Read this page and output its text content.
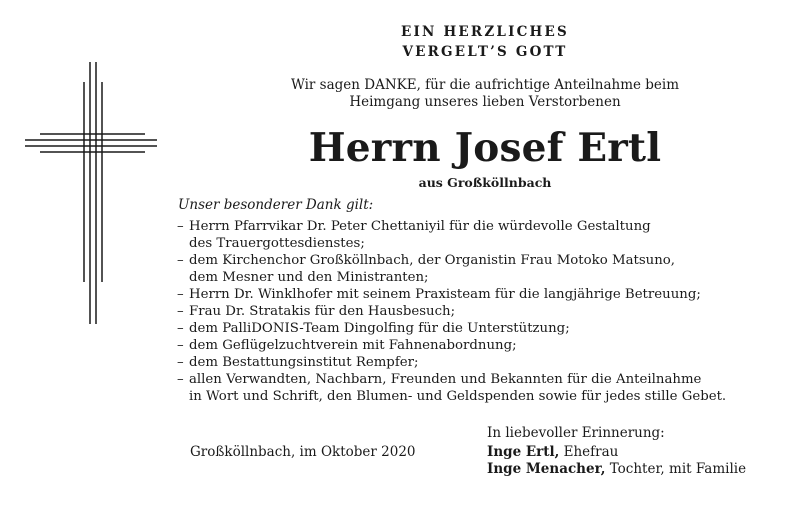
EIN HERZLICHES
VERGELT’S GOTT
Wir sagen DANKE, für die aufrichtige Anteilnahme beim
Heimgang unseres lieben Verstorbenen
Herrn Josef Ertl
aus Großköllnbach
Unser besonderer Dank gilt:
– Herrn Pfarrvikar Dr. Peter Chettaniyil für die würdevolle Gestaltung
des Trauergottesdienstes;
– dem Kirchenchor Großköllnbach, der Organistin Frau Motoko Matsuno,
dem Mesner und den Ministranten;
– Herrn Dr. Winklhofer mit seinem Praxisteam für die langjährige Betreuung;
– Frau Dr. Stratakis für den Hausbesuch;
– dem PalliDONIS-Team Dingolfing für die Unterstützung;
– dem Geflügelzuchtverein mit Fahnenabordnung;
– dem Bestattungsinstitut Rempfer;
– allen Verwandten, Nachbarn, Freunden und Bekannten für die Anteilnahme
in Wort und Schrift, den Blumen- und Geldspenden sowie für jedes stille Gebet.
Großköllnbach, im Oktober 2020
In liebevoller Erinnerung:
Inge Ertl, Ehefrau
Inge Menacher, Tochter, mit Familie
